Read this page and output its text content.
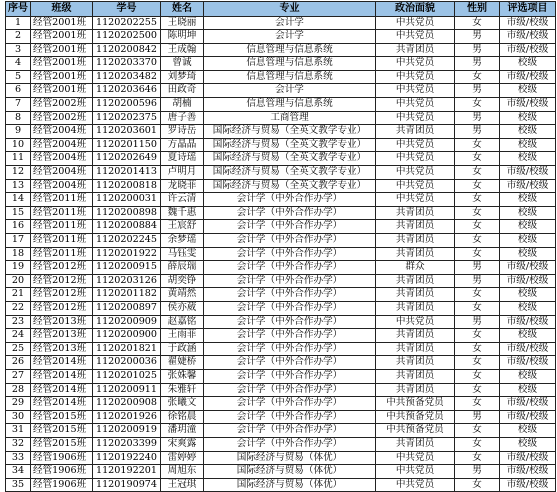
序号	班级	学号	姓名	专业	政治面貌	性别	评选项目
1	经管2001班	1120202255	王晓丽	会计学	中共党员	女	市级/校级
2	经管2001班	1120202500	陈明坤	会计学	中共党员	男	市级/校级
3	经管2001班	1120200842	王成翰	信息管理与信息系统	共青团员	男	市级/校级
4	经管2001班	1120203370	曾诚	信息管理与信息系统	中共党员	男	校级
5	经管2001班	1120203482	刘梦琦	信息管理与信息系统	中共党员	女	市级/校级
6	经管2001班	1120203646	田政奇	会计学	中共党员	男	校级
7	经管2002班	1120200596	胡楠	信息管理与信息系统	中共党员	女	市级/校级
8	经管2002班	1120202375	唐子善	工商管理	中共党员	男	校级
9	经管2004班	1120203601	罗诗岳	国际经济与贸易（全英文教学专业）	共青团员	男	校级
10	经管2004班	1120201150	方晶晶	国际经济与贸易（全英文教学专业）	中共党员	女	校级
11	经管2004班	1120202649	夏诗瑶	国际经济与贸易（全英文教学专业）	中共党员	女	校级
12	经管2004班	1120201413	卢明月	国际经济与贸易（全英文教学专业）	中共党员	女	市级/校级
13	经管2004班	1120200818	龙晓菲	国际经济与贸易（全英文教学专业）	中共党员	女	市级/校级
14	经管2011班	1120200031	许云清	会计学（中外合作办学）	中共党员	女	校级
15	经管2011班	1120200898	魏千惠	会计学（中外合作办学）	共青团员	女	校级
16	经管2011班	1120200884	王宸舒	会计学（中外合作办学）	共青团员	女	校级
17	经管2011班	1120202245	余梦瑶	会计学（中外合作办学）	共青团员	女	校级
18	经管2011班	1120201922	马钰雯	会计学（中外合作办学）	共青团员	女	校级
19	经管2012班	1120200915	薛辰瑞	会计学（中外合作办学）	群众	男	市级/校级
20	经管2012班	1120203126	胡奕铮	会计学（中外合作办学）	共青团员	男	市级/校级
21	经管2012班	1120201182	黄靖然	会计学（中外合作办学）	共青团员	女	校级
22	经管2012班	1120200897	侯亦葳	会计学（中外合作办学）	共青团员	女	校级
23	经管2013班	1120200909	赵嘉铭	会计学（中外合作办学）	中共党员	男	市级/校级
24	经管2013班	1120200900	王雨菲	会计学（中外合作办学）	共青团员	女	校级
25	经管2013班	1120201821	于政涵	会计学（中外合作办学）	共青团员	女	市级/校级
26	经管2014班	1120200036	翟婕桥	会计学（中外合作办学）	共青团员	女	市级/校级
27	经管2014班	1120201025	张姝馨	会计学（中外合作办学）	共青团员	女	校级
28	经管2014班	1120200911	朱雅轩	会计学（中外合作办学）	共青团员	女	校级
29	经管2014班	1120200908	张曦文	会计学（中外合作办学）	中共预备党员	女	市级/校级
30	经管2015班	1120201926	徐铭晨	会计学（中外合作办学）	中共预备党员	男	市级/校级
31	经管2015班	1120200919	潘玥潼	会计学（中外合作办学）	中共预备党员	女	校级
32	经管2015班	1120203399	宋爽露	会计学（中外合作办学）	共青团员	女	校级
33	经管1906班	1120192240	雷婷婷	国际经济与贸易（体优）	中共党员	女	市级/校级
34	经管1906班	1120192201	周旭东	国际经济与贸易（体优）	中共党员	男	市级/校级
35	经管1906班	1120190974	王冠琪	国际经济与贸易（体优）	中共党员	女	市级/校级
